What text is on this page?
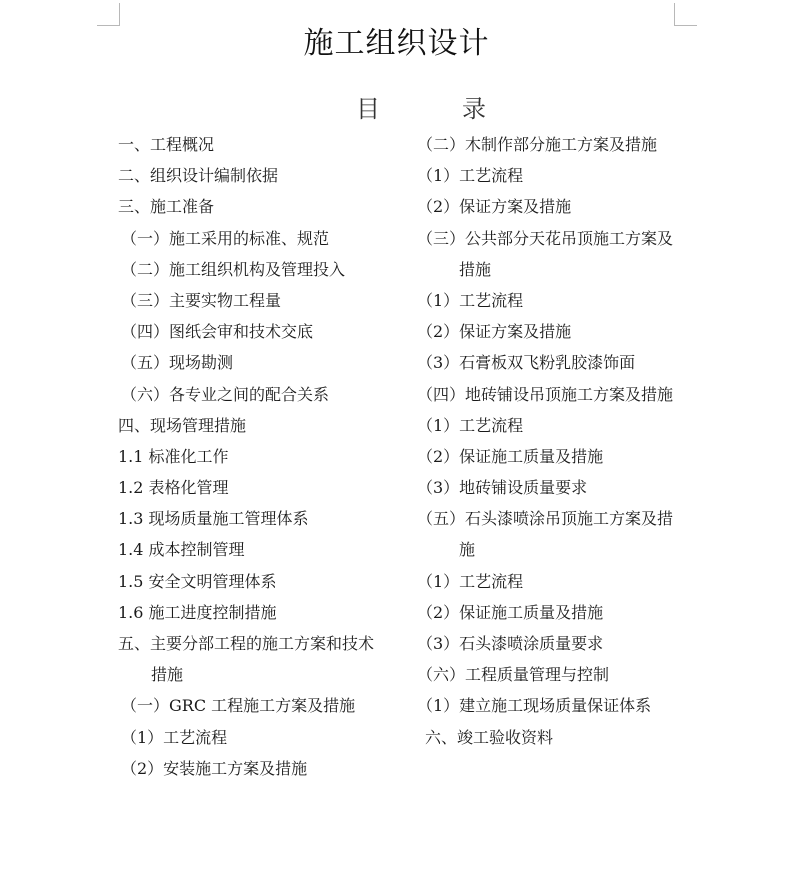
施工组织设计
目	录
一、工程概况
二、组织设计编制依据
三、施工准备
（一）施工采用的标准、规范
（二）施工组织机构及管理投入
（三）主要实物工程量
（四）图纸会审和技术交底
（五）现场勘测
（六）各专业之间的配合关系
四、现场管理措施
1.1 标准化工作
1.2 表格化管理
1.3 现场质量施工管理体系
1.4 成本控制管理
1.5 安全文明管理体系
1.6 施工进度控制措施
五、主要分部工程的施工方案和技术
措施
（一）GRC 工程施工方案及措施
（1）工艺流程
（2）安装施工方案及措施
（二）木制作部分施工方案及措施
（1）工艺流程
（2）保证方案及措施
（三）公共部分天花吊顶施工方案及
措施
（1）工艺流程
（2）保证方案及措施
（3）石膏板双飞粉乳胶漆饰面
（四）地砖铺设吊顶施工方案及措施
（1）工艺流程
（2）保证施工质量及措施
（3）地砖铺设质量要求
（五）石头漆喷涂吊顶施工方案及措
施
（1）工艺流程
（2）保证施工质量及措施
（3）石头漆喷涂质量要求
（六）工程质量管理与控制
（1）建立施工现场质量保证体系
六、竣工验收资料
